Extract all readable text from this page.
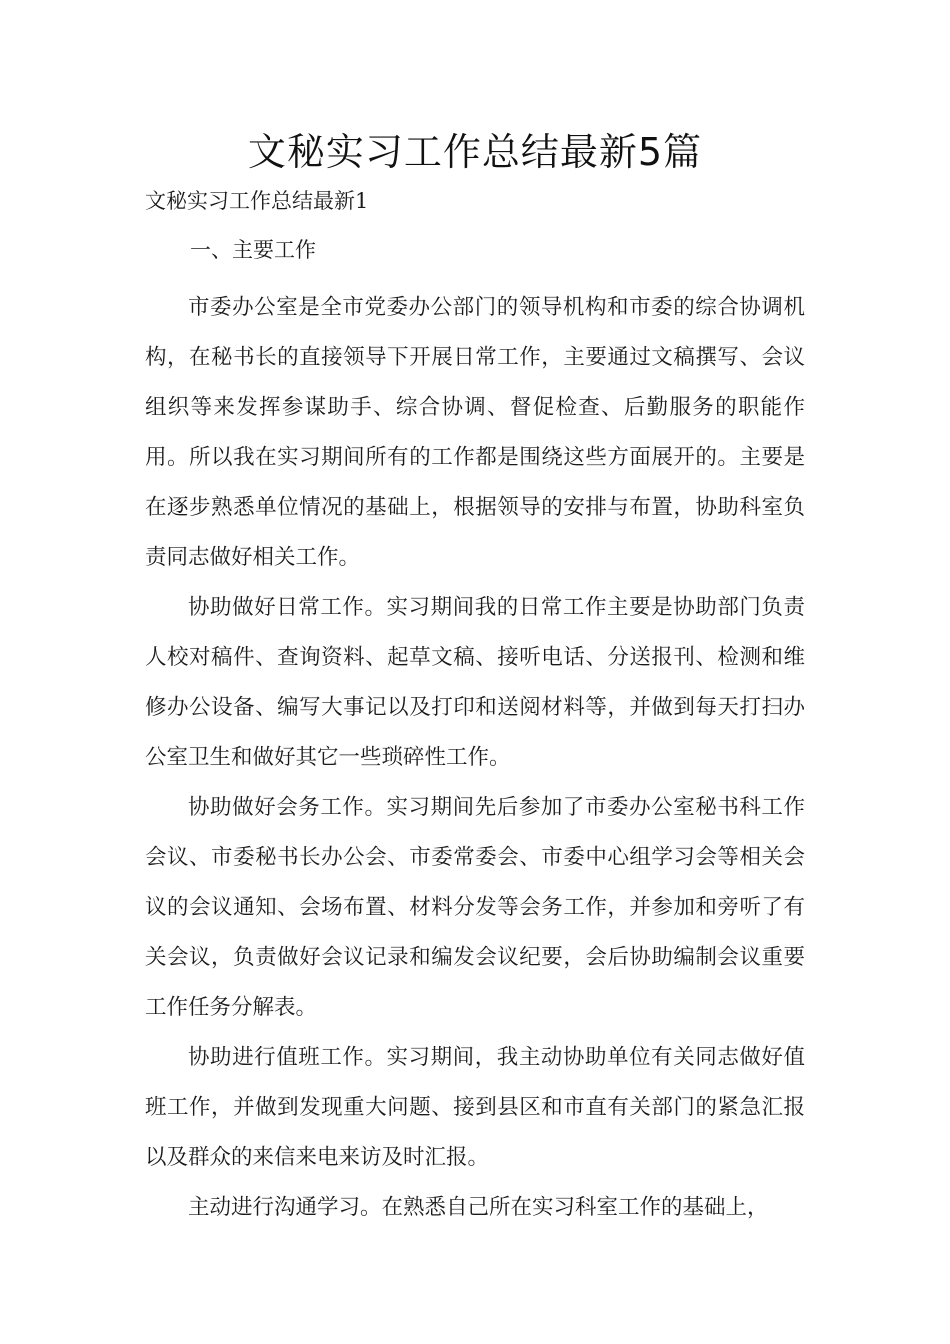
文秘实习工作总结最新5篇
文秘实习工作总结最新1
一、主要工作

市委办公室是全市党委办公部门的领导机构和市委的综合协调机构，在秘书长的直接领导下开展日常工作，主要通过文稿撰写、会议组织等来发挥参谋助手、综合协调、督促检查、后勤服务的职能作用。所以我在实习期间所有的工作都是围绕这些方面展开的。主要是在逐步熟悉单位情况的基础上，根据领导的安排与布置，协助科室负责同志做好相关工作。

协助做好日常工作。实习期间我的日常工作主要是协助部门负责人校对稿件、查询资料、起草文稿、接听电话、分送报刊、检测和维修办公设备、编写大事记以及打印和送阅材料等，并做到每天打扫办公室卫生和做好其它一些琐碎性工作。

协助做好会务工作。实习期间先后参加了市委办公室秘书科工作会议、市委秘书长办公会、市委常委会、市委中心组学习会等相关会议的会议通知、会场布置、材料分发等会务工作，并参加和旁听了有关会议，负责做好会议记录和编发会议纪要，会后协助编制会议重要工作任务分解表。

协助进行值班工作。实习期间，我主动协助单位有关同志做好值班工作，并做到发现重大问题、接到县区和市直有关部门的紧急汇报以及群众的来信来电来访及时汇报。

主动进行沟通学习。在熟悉自己所在实习科室工作的基础上，
